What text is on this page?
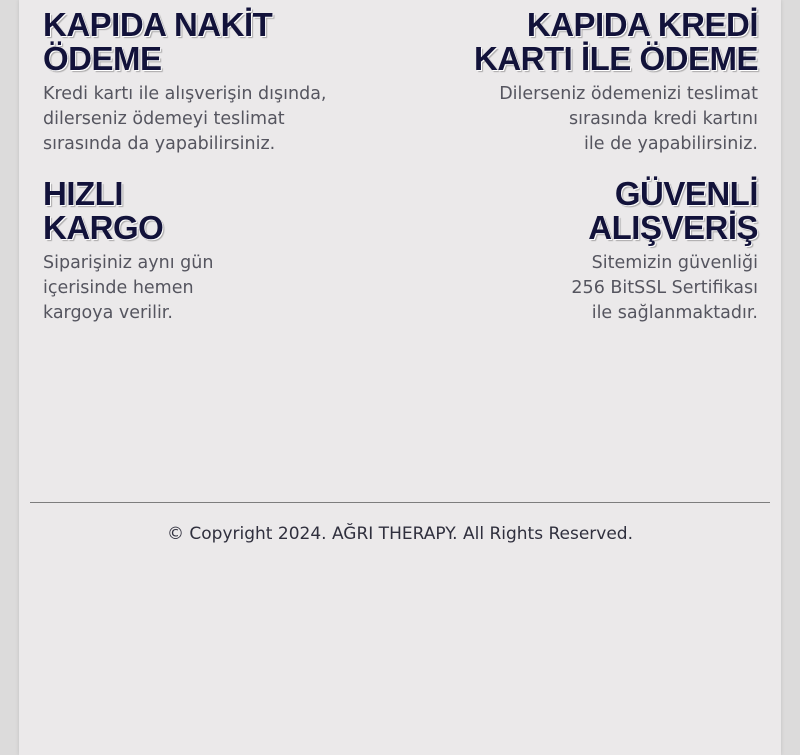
KAPIDA NAKİT
ÖDEME

Kredi kartı ile alışverişin dışında,
dilerseniz ödemeyi teslimat
sırasında da yapabilirsiniz.

KAPIDA KREDİ
KARTI İLE ÖDEME

Dilerseniz ödemenizi teslimat
sırasında kredi kartını
ile de yapabilirsiniz.

HIZLI
KARGO

Siparişiniz aynı gün
içerisinde hemen
kargoya verilir.

GÜVENLİ
ALIŞVERİŞ

Sitemizin güvenliği
256 BitSSL Sertifikası
ile sağlanmaktadır.

© Copyright 2024. AĞRI THERAPY. All Rights Reserved.
